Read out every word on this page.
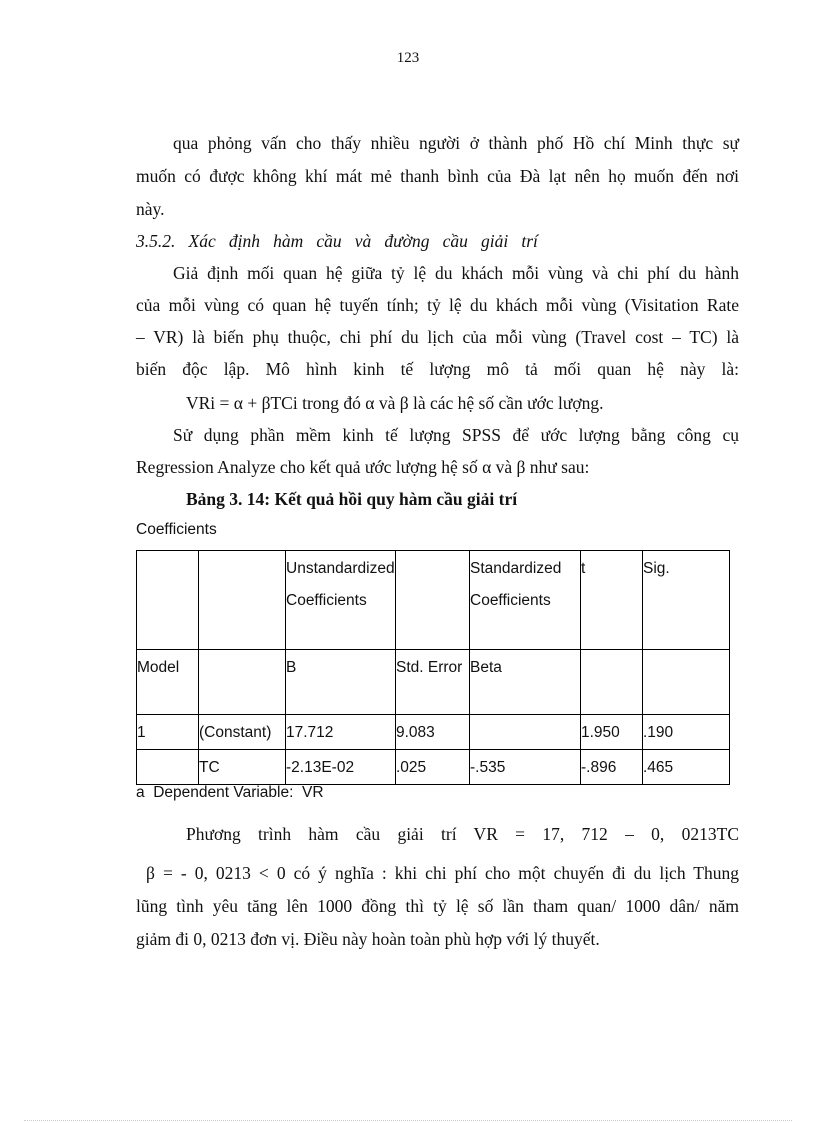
123
qua phỏng vấn cho thấy nhiều người ở thành phố Hồ chí Minh thực sự
muốn có được không khí mát mẻ thanh bình của Đà lạt nên họ muốn đến nơi
này.
3.5.2.   Xác   định   hàm   cầu   và   đường   cầu   giải   trí
Giả định mối quan hệ giữa tỷ lệ du khách mỗi vùng và chi phí du hành
của mỗi vùng có quan hệ tuyến tính; tỷ lệ du khách mỗi vùng (Visitation Rate
– VR) là biến phụ thuộc, chi phí du lịch của mỗi vùng (Travel cost – TC) là
biến độc lập. Mô hình kinh tế lượng mô tả mối quan hệ này là:
VRi = α + βTCi trong đó α và β là các hệ số cần ước lượng.
Sử dụng phần mềm kinh tế lượng SPSS để ước lượng bằng công cụ
Regression Analyze cho kết quả ước lượng hệ số α và β như sau:
Bảng 3. 14: Kết quả hồi quy hàm cầu giải trí
Coefficients
		Unstandardized Coefficients		Standardized Coefficients	t	Sig.
Model		B	Std. Error	Beta		
1	(Constant)	17.712	9.083		1.950	.190
	TC	-2.13E-02	.025	-.535	-.896	.465
a  Dependent Variable:  VR
Phương trình hàm cầu giải trí VR = 17, 712 – 0, 0213TC
β = - 0, 0213 < 0 có ý nghĩa : khi chi phí cho một chuyến đi du lịch Thung
lũng tình yêu tăng lên 1000 đồng thì tỷ lệ số lần tham quan/ 1000 dân/ năm
giảm đi 0, 0213 đơn vị. Điều này hoàn toàn phù hợp với lý thuyết.
